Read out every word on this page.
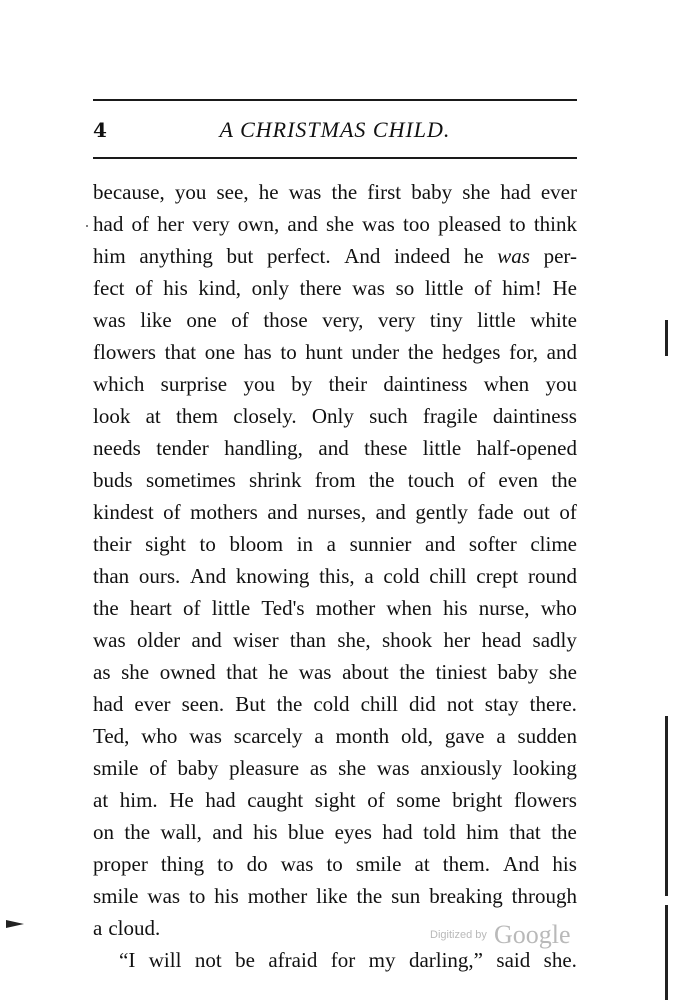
4	A CHRISTMAS CHILD.
because, you see, he was the first baby she had ever
had of her very own, and she was too pleased to think
him anything but perfect. And indeed he was per-
fect of his kind, only there was so little of him! He
was like one of those very, very tiny little white
flowers that one has to hunt under the hedges for, and
which surprise you by their daintiness when you
look at them closely. Only such fragile daintiness
needs tender handling, and these little half-opened
buds sometimes shrink from the touch of even the
kindest of mothers and nurses, and gently fade out of
their sight to bloom in a sunnier and softer clime
than ours. And knowing this, a cold chill crept round
the heart of little Ted's mother when his nurse, who
was older and wiser than she, shook her head sadly
as she owned that he was about the tiniest baby she
had ever seen. But the cold chill did not stay there.
Ted, who was scarcely a month old, gave a sudden
smile of baby pleasure as she was anxiously looking
at him. He had caught sight of some bright flowers
on the wall, and his blue eyes had told him that the
proper thing to do was to smile at them. And his
smile was to his mother like the sun breaking through
a cloud.
“I will not be afraid for my darling,” said she.
Digitized by Google
